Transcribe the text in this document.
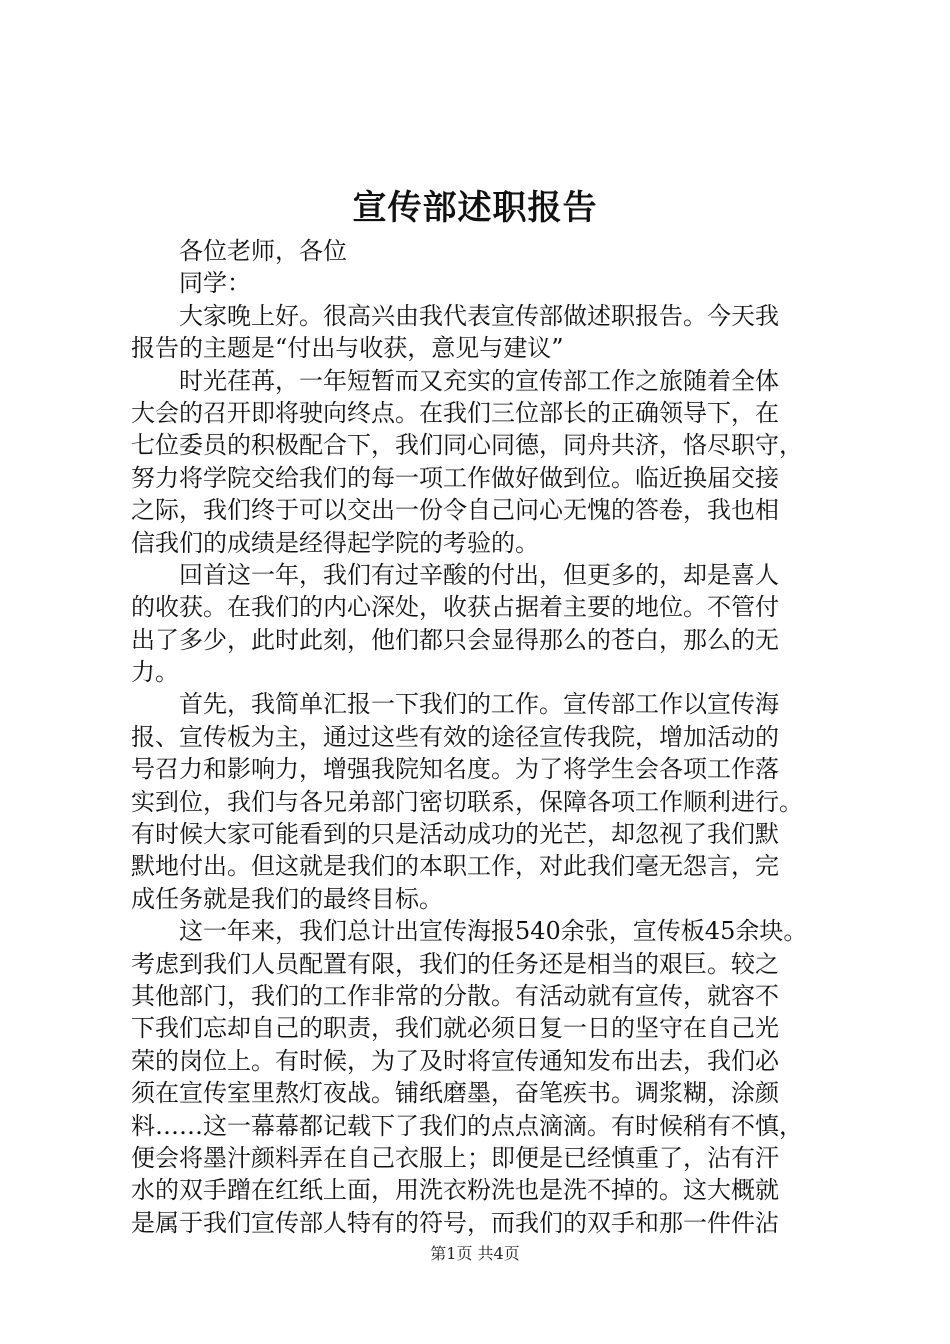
宣传部述职报告
各位老师，各位
同学：
大家晚上好。很高兴由我代表宣传部做述职报告。今天我
报告的主题是“付出与收获，意见与建议”
时光荏苒，一年短暂而又充实的宣传部工作之旅随着全体
大会的召开即将驶向终点。在我们三位部长的正确领导下，在
七位委员的积极配合下，我们同心同德，同舟共济，恪尽职守，
努力将学院交给我们的每一项工作做好做到位。临近换届交接
之际，我们终于可以交出一份令自己问心无愧的答卷，我也相
信我们的成绩是经得起学院的考验的。
回首这一年，我们有过辛酸的付出，但更多的，却是喜人
的收获。在我们的内心深处，收获占据着主要的地位。不管付
出了多少，此时此刻，他们都只会显得那么的苍白，那么的无
力。
首先，我简单汇报一下我们的工作。宣传部工作以宣传海
报、宣传板为主，通过这些有效的途径宣传我院，增加活动的
号召力和影响力，增强我院知名度。为了将学生会各项工作落
实到位，我们与各兄弟部门密切联系，保障各项工作顺利进行。
有时候大家可能看到的只是活动成功的光芒，却忽视了我们默
默地付出。但这就是我们的本职工作，对此我们毫无怨言，完
成任务就是我们的最终目标。
这一年来，我们总计出宣传海报540余张，宣传板45余块。
考虑到我们人员配置有限，我们的任务还是相当的艰巨。较之
其他部门，我们的工作非常的分散。有活动就有宣传，就容不
下我们忘却自己的职责，我们就必须日复一日的坚守在自己光
荣的岗位上。有时候，为了及时将宣传通知发布出去，我们必
须在宣传室里熬灯夜战。铺纸磨墨，奋笔疾书。调浆糊，涂颜
料……这一幕幕都记载下了我们的点点滴滴。有时候稍有不慎，
便会将墨汁颜料弄在自己衣服上；即便是已经慎重了，沾有汗
水的双手蹭在红纸上面，用洗衣粉洗也是洗不掉的。这大概就
是属于我们宣传部人特有的符号，而我们的双手和那一件件沾
第1页 共4页
